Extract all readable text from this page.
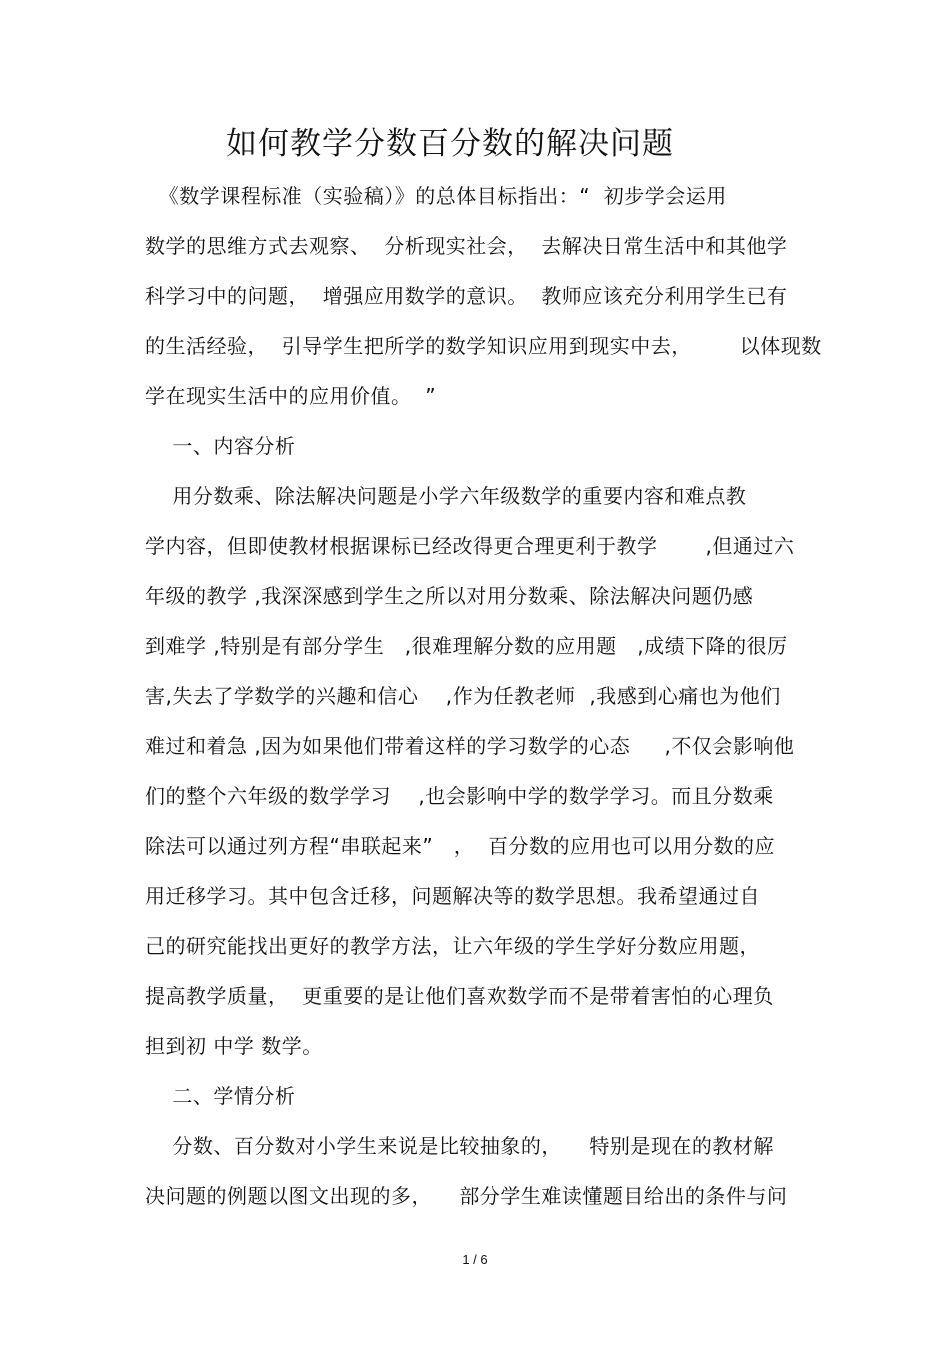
如何教学分数百分数的解决问题
《数学课程标准（实验稿）》的总体目标指出：“  初步学会运用
数学的思维方式去观察、  分析现实社会，  去解决日常生活中和其他学
科学习中的问题，  增强应用数学的意识。  教师应该充分利用学生已有
的生活经验，  引导学生把所学的数学知识应用到现实中去，       以体现数
学在现实生活中的应用价值。  ”
一、内容分析
用分数乘、除法解决问题是小学六年级数学的重要内容和难点教
学内容，但即使教材根据课标已经改得更合理更利于教学       ,但通过六
年级的教学 ,我深深感到学生之所以对用分数乘、除法解决问题仍感
到难学 ,特别是有部分学生   ,很难理解分数的应用题   ,成绩下降的很厉
害,失去了学数学的兴趣和信心    ,作为任教老师  ,我感到心痛也为他们
难过和着急 ,因为如果他们带着这样的学习数学的心态     ,不仅会影响他
们的整个六年级的数学学习    ,也会影响中学的数学学习。而且分数乘
除法可以通过列方程“串联起来”   ，  百分数的应用也可以用分数的应
用迁移学习。其中包含迁移，问题解决等的数学思想。我希望通过自
己的研究能找出更好的教学方法，让六年级的学生学好分数应用题，
提高教学质量，  更重要的是让他们喜欢数学而不是带着害怕的心理负
担到初 中学 数学。
二、学情分析
分数、百分数对小学生来说是比较抽象的，    特别是现在的教材解
决问题的例题以图文出现的多，    部分学生难读懂题目给出的条件与问
1 / 6
